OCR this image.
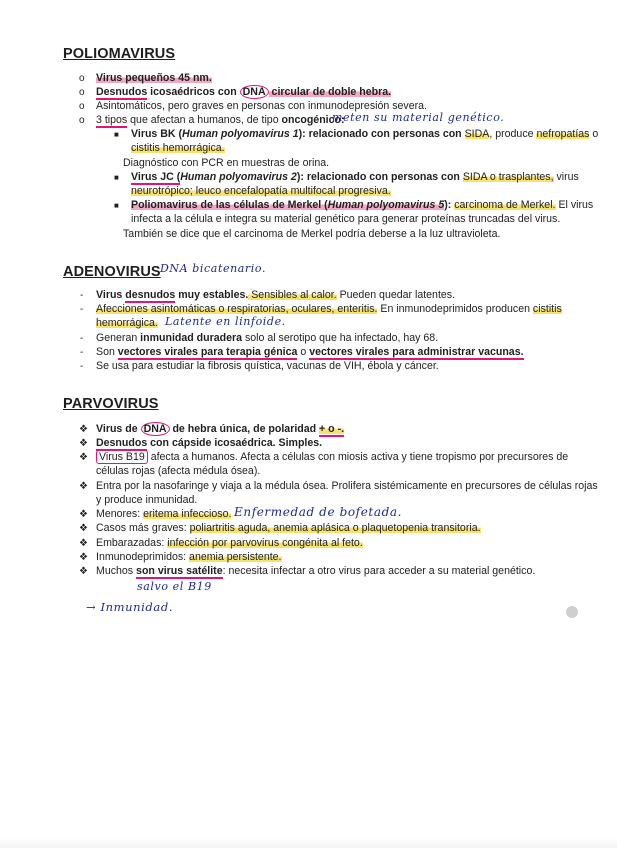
POLIOMAVIRUS
o Virus pequeños 45 nm.
o Desnudos icosaédricos con DNA circular de doble hebra.
o Asintomáticos, pero graves en personas con inmunodepresión severa.
o 3 tipos que afectan a humanos, de tipo oncogénico:
meten su material genético.
■ Virus BK (Human polyomavirus 1): relacionado con personas con SIDA, produce nefropatías o
cistitis hemorrágica.
Diagnóstico con PCR en muestras de orina.
■ Virus JC (Human polyomavirus 2): relacionado con personas con SIDA o trasplantes, virus
neurotrópico; leuco encefalopatía multifocal progresiva.
■ Poliomavirus de las células de Merkel (Human polyomavirus 5): carcinoma de Merkel. El virus
infecta a la célula e integra su material genético para generar proteínas truncadas del virus.
También se dice que el carcinoma de Merkel podría deberse a la luz ultravioleta.
ADENOVIRUS DNA bicatenario.
- Virus desnudos muy estables. Sensibles al calor. Pueden quedar latentes.
- Afecciones asintomáticas o respiratorias, oculares, enteritis. En inmunodeprimidos producen cistitis
hemorrágica. Latente en linfoide.
- Generan inmunidad duradera solo al serotipo que ha infectado, hay 68.
- Son vectores virales para terapia génica o vectores virales para administrar vacunas.
- Se usa para estudiar la fibrosis quística, vacunas de VIH, ébola y cáncer.
PARVOVIRUS
❖ Virus de DNA de hebra única, de polaridad + o -.
❖ Desnudos con cápside icosaédrica. Simples.
❖ Virus B19 afecta a humanos. Afecta a células con miosis activa y tiene tropismo por precursores de
células rojas (afecta médula ósea).
❖ Entra por la nasofaringe y viaja a la médula ósea. Prolifera sistémicamente en precursores de células rojas
y produce inmunidad.
❖ Menores: eritema infeccioso. Enfermedad de bofetada.
❖ Casos más graves: poliartritis aguda, anemia aplásica o plaquetopenia transitoria.
❖ Embarazadas: infección por parvovirus congénita al feto.
❖ Inmunodeprimidos: anemia persistente.
❖ Muchos son virus satélite: necesita infectar a otro virus para acceder a su material genético.
salvo el B19
→ Inmunidad.
